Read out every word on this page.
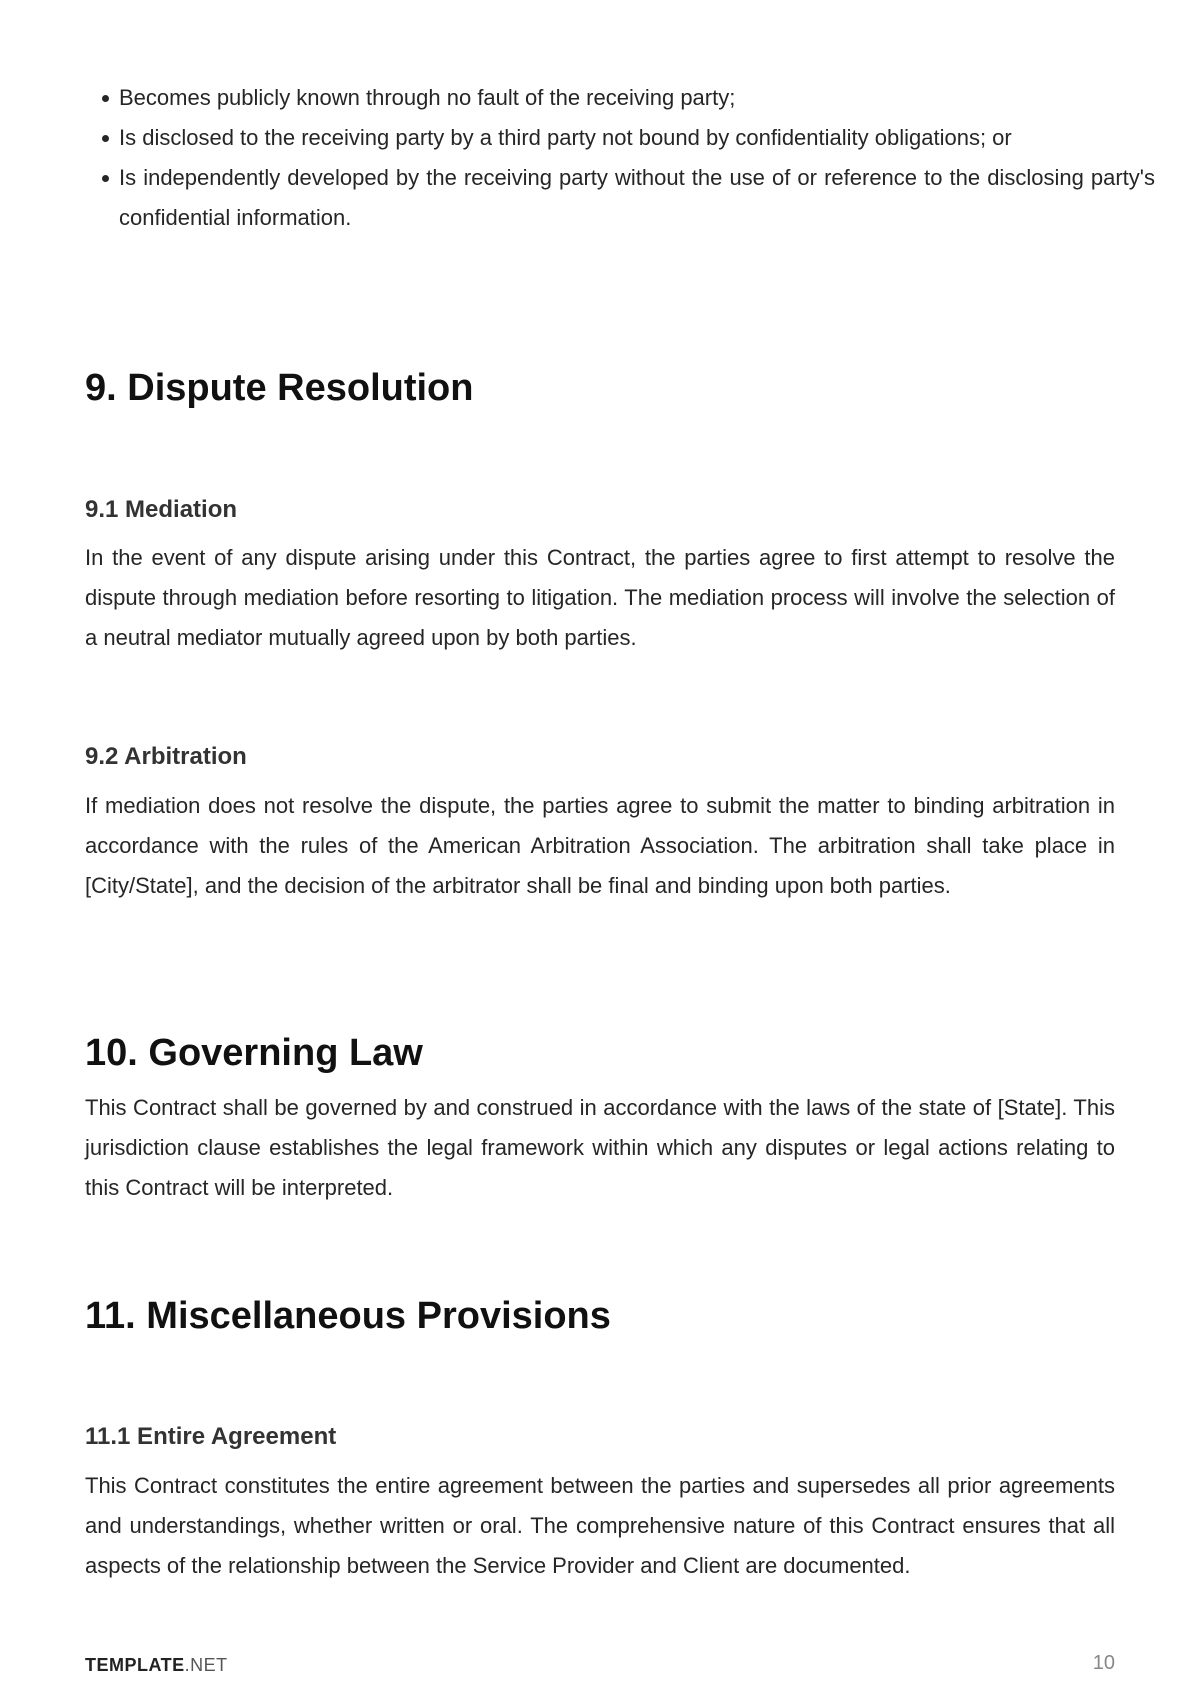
Becomes publicly known through no fault of the receiving party;
Is disclosed to the receiving party by a third party not bound by confidentiality obligations; or
Is independently developed by the receiving party without the use of or reference to the disclosing party's confidential information.
9. Dispute Resolution
9.1 Mediation

In the event of any dispute arising under this Contract, the parties agree to first attempt to resolve the dispute through mediation before resorting to litigation. The mediation process will involve the selection of a neutral mediator mutually agreed upon by both parties.

9.2 Arbitration

If mediation does not resolve the dispute, the parties agree to submit the matter to binding arbitration in accordance with the rules of the American Arbitration Association. The arbitration shall take place in [City/State], and the decision of the arbitrator shall be final and binding upon both parties.

10. Governing Law

This Contract shall be governed by and construed in accordance with the laws of the state of [State]. This jurisdiction clause establishes the legal framework within which any disputes or legal actions relating to this Contract will be interpreted.

11. Miscellaneous Provisions
11.1 Entire Agreement

This Contract constitutes the entire agreement between the parties and supersedes all prior agreements and understandings, whether written or oral. The comprehensive nature of this Contract ensures that all aspects of the relationship between the Service Provider and Client are documented.

TEMPLATE.NET	10
